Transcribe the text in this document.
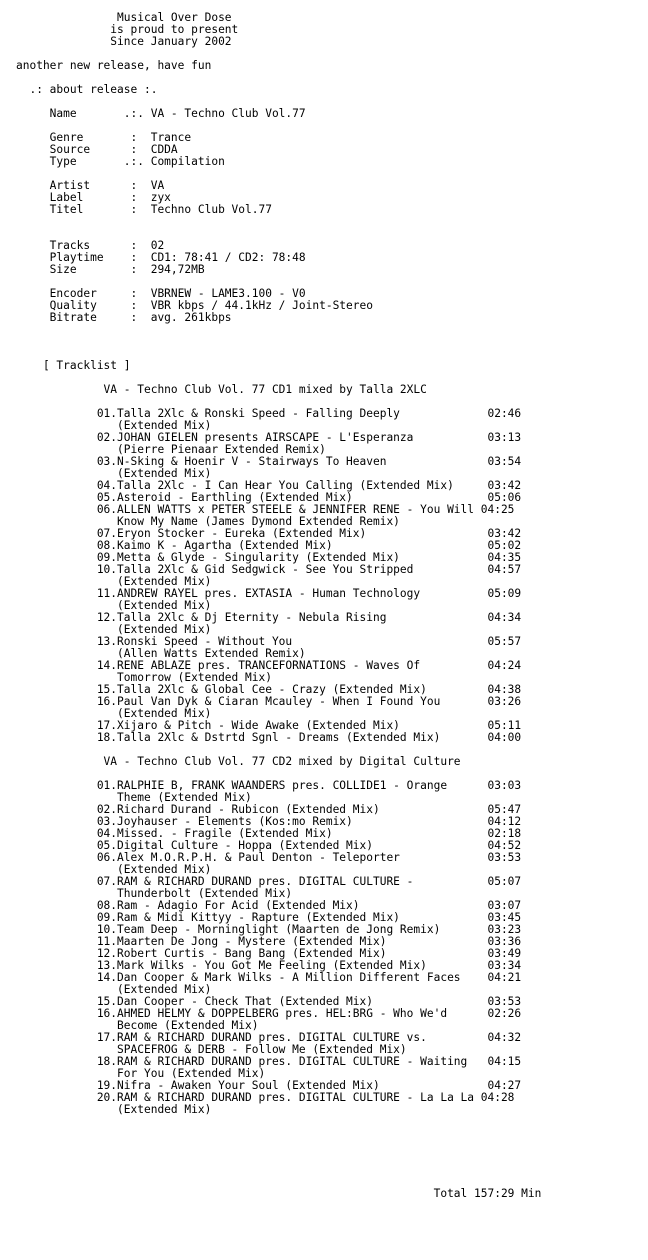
Musical Over Dose
is proud to present
Since January 2002
another new release, have fun
.: about release :.
Name       .:. VA - Techno Club Vol.77
Genre       :  Trance
Source      :  CDDA
Type       .:. Compilation
Artist      :  VA
Label       :  zyx
Titel       :  Techno Club Vol.77
Tracks      :  02
Playtime    :  CD1: 78:41 / CD2: 78:48
Size        :  294,72MB
Encoder     :  VBRNEW - LAME3.100 - V0
Quality     :  VBR kbps / 44.1kHz / Joint-Stereo
Bitrate     :  avg. 261kbps
[ Tracklist ]
VA - Techno Club Vol. 77 CD1 mixed by Talla 2XLC
01.Talla 2Xlc & Ronski Speed - Falling Deeply             02:46
(Extended Mix)
02.JOHAN GIELEN presents AIRSCAPE - L'Esperanza           03:13
(Pierre Pienaar Extended Remix)
03.N-Sking & Hoenir V - Stairways To Heaven               03:54
(Extended Mix)
04.Talla 2Xlc - I Can Hear You Calling (Extended Mix)     03:42
05.Asteroid - Earthling (Extended Mix)                    05:06
06.ALLEN WATTS x PETER STEELE & JENNIFER RENE - You Will 04:25
Know My Name (James Dymond Extended Remix)
07.Eryon Stocker - Eureka (Extended Mix)                  03:42
08.Kaimo K - Agartha (Extended Mix)                       05:02
09.Metta & Glyde - Singularity (Extended Mix)             04:35
10.Talla 2Xlc & Gid Sedgwick - See You Stripped           04:57
(Extended Mix)
11.ANDREW RAYEL pres. EXTASIA - Human Technology          05:09
(Extended Mix)
12.Talla 2Xlc & Dj Eternity - Nebula Rising               04:34
(Extended Mix)
13.Ronski Speed - Without You                             05:57
(Allen Watts Extended Remix)
14.RENE ABLAZE pres. TRANCEFORNATIONS - Waves Of          04:24
Tomorrow (Extended Mix)
15.Talla 2Xlc & Global Cee - Crazy (Extended Mix)         04:38
16.Paul Van Dyk & Ciaran Mcauley - When I Found You       03:26
(Extended Mix)
17.Xijaro & Pitch - Wide Awake (Extended Mix)             05:11
18.Talla 2Xlc & Dstrtd Sgnl - Dreams (Extended Mix)       04:00
VA - Techno Club Vol. 77 CD2 mixed by Digital Culture
01.RALPHIE B, FRANK WAANDERS pres. COLLIDE1 - Orange      03:03
Theme (Extended Mix)
02.Richard Durand - Rubicon (Extended Mix)                05:47
03.Joyhauser - Elements (Kos:mo Remix)                    04:12
04.Missed. - Fragile (Extended Mix)                       02:18
05.Digital Culture - Hoppa (Extended Mix)                 04:52
06.Alex M.O.R.P.H. & Paul Denton - Teleporter             03:53
(Extended Mix)
07.RAM & RICHARD DURAND pres. DIGITAL CULTURE -           05:07
Thunderbolt (Extended Mix)
08.Ram - Adagio For Acid (Extended Mix)                   03:07
09.Ram & Midi Kittyy - Rapture (Extended Mix)             03:45
10.Team Deep - Morninglight (Maarten de Jong Remix)       03:23
11.Maarten De Jong - Mystere (Extended Mix)               03:36
12.Robert Curtis - Bang Bang (Extended Mix)               03:49
13.Mark Wilks - You Got Me Feeling (Extended Mix)         03:34
14.Dan Cooper & Mark Wilks - A Million Different Faces    04:21
(Extended Mix)
15.Dan Cooper - Check That (Extended Mix)                 03:53
16.AHMED HELMY & DOPPELBERG pres. HEL:BRG - Who We'd      02:26
Become (Extended Mix)
17.RAM & RICHARD DURAND pres. DIGITAL CULTURE vs.         04:32
SPACEFROG & DERB - Follow Me (Extended Mix)
18.RAM & RICHARD DURAND pres. DIGITAL CULTURE - Waiting   04:15
For You (Extended Mix)
19.Nifra - Awaken Your Soul (Extended Mix)                04:27
20.RAM & RICHARD DURAND pres. DIGITAL CULTURE - La La La 04:28
(Extended Mix)
Total 157:29 Min
